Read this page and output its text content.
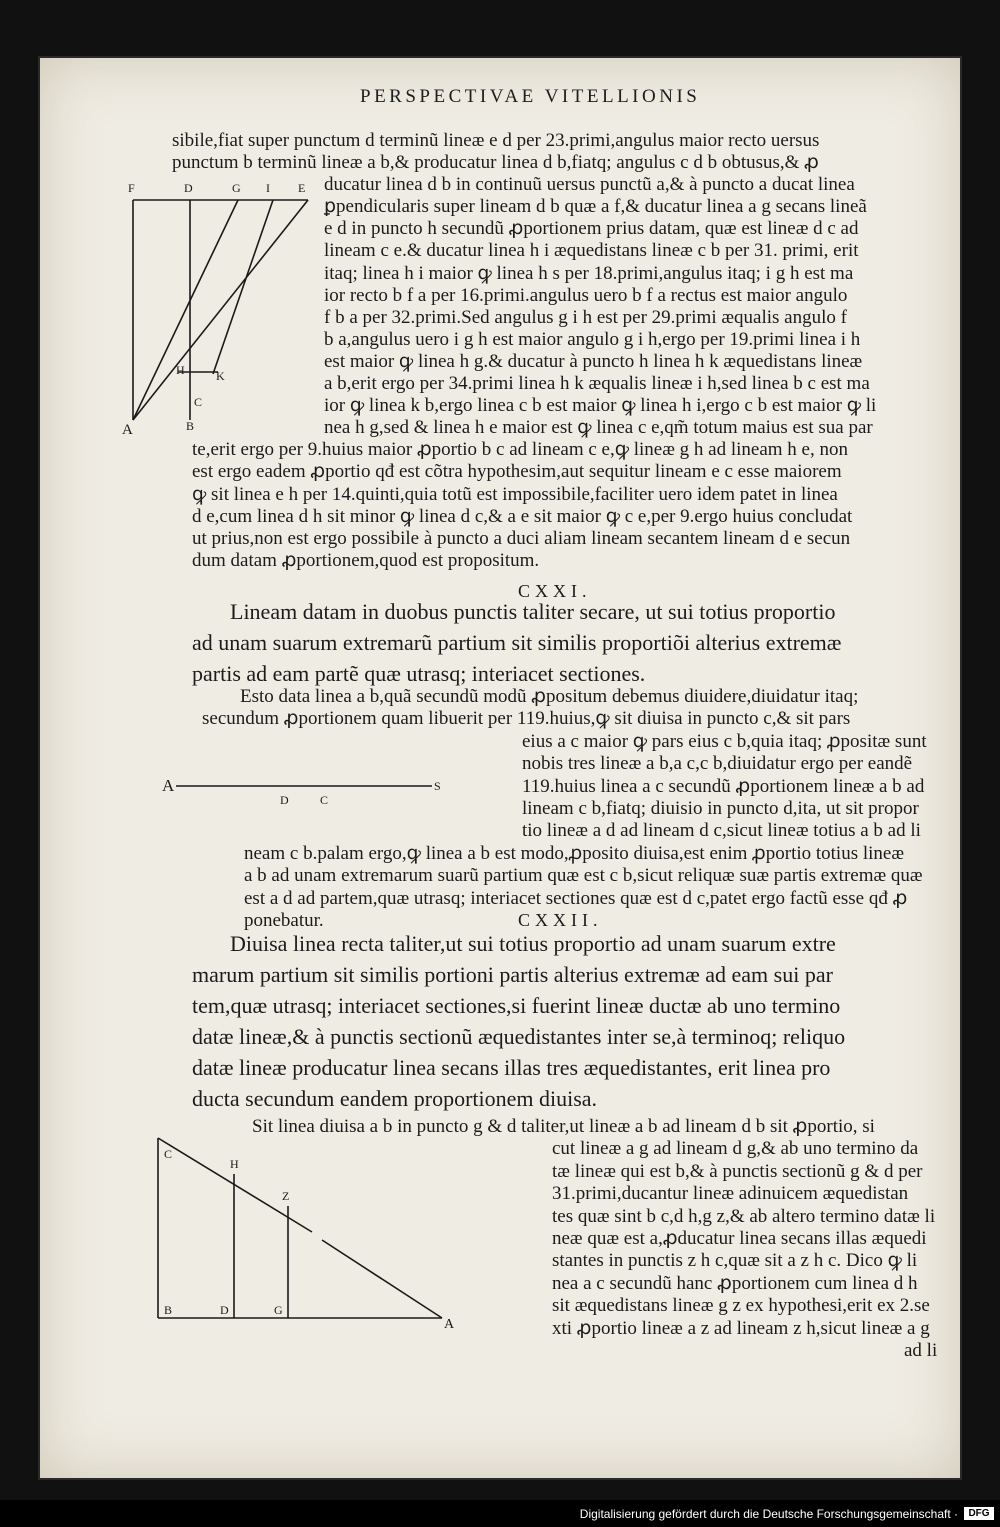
PERSPECTIVAE VITELLIONIS
F	D	G I E
H	K
C
A	B
sibile,fiat super punctum d terminũ lineæ e d per 23.primi,angulus maior recto uersus
punctum b terminũ lineæ a b,& producatur linea d b,fiatq; angulus c d b obtusus,& ꝓ
ducatur linea d b in continuũ uersus punctũ a,& à puncto a ducat linea
ꝑpendicularis super lineam d b quæ a f,& ducatur linea a g secans lineã
e d in puncto h secundũ ꝓportionem prius datam, quæ est lineæ d c ad
lineam c e.& ducatur linea h i æquedistans lineæ c b per 31. primi, erit
itaq; linea h i maior ꝙ linea h s per 18.primi,angulus itaq; i g h est ma
ior recto b f a per 16.primi.angulus uero b f a rectus est maior angulo
f b a per 32.primi.Sed angulus g i h est per 29.primi æqualis angulo f
b a,angulus uero i g h est maior angulo g i h,ergo per 19.primi linea i h
est maior ꝙ linea h g.& ducatur à puncto h linea h k æquedistans lineæ
a b,erit ergo per 34.primi linea h k æqualis lineæ i h,sed linea b c est ma
ior ꝙ linea k b,ergo linea c b est maior ꝙ linea h i,ergo c b est maior ꝙ li
nea h g,sed & linea h e maior est ꝙ linea c e,qm̃ totum maius est sua par
te,erit ergo per 9.huius maior ꝓportio b c ad lineam c e,ꝙ lineæ g h ad lineam h e, non
est ergo eadem ꝓportio qđ est cõtra hypothesim,aut sequitur lineam e c esse maiorem
ꝙ sit linea e h per 14.quinti,quia totũ est impossibile,faciliter uero idem patet in linea
d e,cum linea d h sit minor ꝙ linea d c,& a e sit maior ꝙ c e,per 9.ergo huius concludat
ut prius,non est ergo possibile à puncto a duci aliam lineam secantem lineam d e secun
dum datam ꝓportionem,quod est propositum.
CXXI.
Lineam datam in duobus punctis taliter secare, ut sui totius proportio
ad unam suarum extremarũ partium sit similis proportiõi alterius extremæ
partis ad eam partẽ quæ utrasq; interiacet sectiones.
Esto data linea a b,quã secundũ modũ ꝓpositum debemus diuidere,diuidatur itaq;
secundum ꝓportionem quam libuerit per 119.huius,ꝙ sit diuisa in puncto c,& sit pars
eius a c maior ꝙ pars eius c b,quia itaq; ꝓpositæ sunt
nobis tres lineæ a b,a c,c b,diuidatur ergo per eandẽ
119.huius linea a c secundũ ꝓportionem lineæ a b ad
lineam c b,fiatq; diuisio in puncto d,ita, ut sit propor
tio lineæ a d ad lineam d c,sicut lineæ totius a b ad li
neam c b.palam ergo,ꝙ linea a b est modo,ꝓposito diuisa,est enim ꝓportio totius lineæ
a b ad unam extremarum suarũ partium quæ est c b,sicut reliquæ suæ partis extremæ quæ
est a d ad partem,quæ utrasq; interiacet sectiones quæ est d c,patet ergo factũ esse qđ ꝓ
ponebatur.
A
D	C
S
CXXII.
Diuisa linea recta taliter,ut sui totius proportio ad unam suarum extre
marum partium sit similis portioni partis alterius extremæ ad eam sui par
tem,quæ utrasq; interiacet sectiones,si fuerint lineæ ductæ ab uno termino
datæ lineæ,& à punctis sectionũ æquedistantes inter se,à terminoq; reliquo
datæ lineæ producatur linea secans illas tres æquedistantes, erit linea pro
ducta secundum eandem proportionem diuisa.
Sit linea diuisa a b in puncto g & d taliter,ut lineæ a b ad lineam d b sit ꝓportio, si
cut lineæ a g ad lineam d g,& ab uno termino da
tæ lineæ qui est b,& à punctis sectionũ g & d per
31.primi,ducantur lineæ adinuicem æquedistan
tes quæ sint b c,d h,g z,& ab altero termino datæ li
neæ quæ est a,ꝓducatur linea secans illas æquedi
stantes in punctis z h c,quæ sit a z h c. Dico ꝙ li
nea a c secundũ hanc ꝓportionem cum linea d h
sit æquedistans lineæ g z ex hypothesi,erit ex 2.se
xti ꝓportio lineæ a z ad lineam z h,sicut lineæ a g
ad li
C
H
Z
B	D	G
A
Digitalisierung gefördert durch die Deutsche Forschungsgemeinschaft ·	DFG
